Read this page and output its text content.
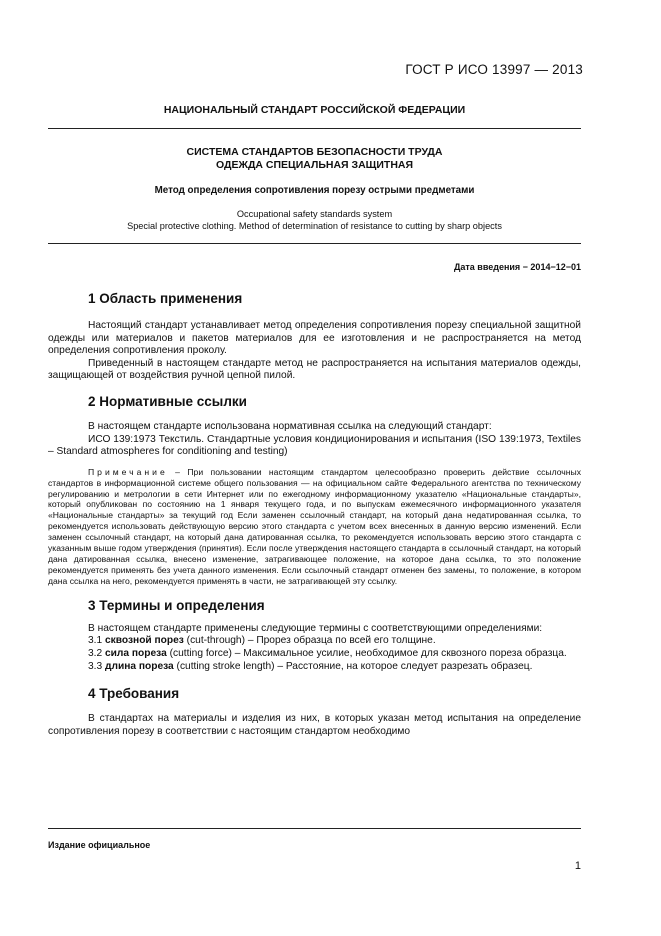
ГОСТ Р ИСО 13997 — 2013
НАЦИОНАЛЬНЫЙ СТАНДАРТ РОССИЙСКОЙ ФЕДЕРАЦИИ
СИСТЕМА СТАНДАРТОВ БЕЗОПАСНОСТИ ТРУДА
ОДЕЖДА СПЕЦИАЛЬНАЯ ЗАЩИТНАЯ
Метод определения сопротивления порезу острыми предметами
Occupational safety standards system
Special protective clothing. Method of determination of resistance to cutting by sharp objects
Дата введения − 2014−12−01
1 Область применения

Настоящий стандарт устанавливает метод определения сопротивления порезу специальной защитной одежды или материалов и пакетов материалов для ее изготовления и не распространяется на метод определения сопротивления проколу.

Приведенный в настоящем стандарте метод не распространяется на испытания материалов одежды, защищающей от воздействия ручной цепной пилой.

2 Нормативные ссылки

В настоящем стандарте использована нормативная ссылка на следующий стандарт:

ИСО 139:1973 Текстиль. Стандартные условия кондиционирования и испытания (ISO 139:1973, Textiles – Standard atmospheres for conditioning and testing)

Примечание – При пользовании настоящим стандартом целесообразно проверить действие ссылочных стандартов в информационной системе общего пользования — на официальном сайте Федерального агентства по техническому регулированию и метрологии в сети Интернет или по ежегодному информационному указателю «Национальные стандарты», который опубликован по состоянию на 1 января текущего года, и по выпускам ежемесячного информационного указателя «Национальные стандарты» за текущий год Если заменен ссылочный стандарт, на который дана недатированная ссылка, то рекомендуется использовать действующую версию этого стандарта с учетом всех внесенных в данную версию изменений. Если заменен ссылочный стандарт, на который дана датированная ссылка, то рекомендуется использовать версию этого стандарта с указанным выше годом утверждения (принятия). Если после утверждения настоящего стандарта в ссылочный стандарт, на который дана датированная ссылка, внесено изменение, затрагивающее положение, на которое дана ссылка, то это положение рекомендуется применять без учета данного изменения. Если ссылочный стандарт отменен без замены, то положение, в котором дана ссылка на него, рекомендуется применять в части, не затрагивающей эту ссылку.

3 Термины и определения

В настоящем стандарте применены следующие термины с соответствующими определениями:

3.1 сквозной порез (cut-through) – Прорез образца по всей его толщине.

3.2 сила пореза (cutting force) – Максимальное усилие, необходимое для сквозного пореза образца.

3.3 длина пореза (cutting stroke length) – Расстояние, на которое следует разрезать образец.

4 Требования

В стандартах на материалы и изделия из них, в которых указан метод испытания на определение сопротивления порезу в соответствии с настоящим стандартом необходимо

Издание официальное
1
